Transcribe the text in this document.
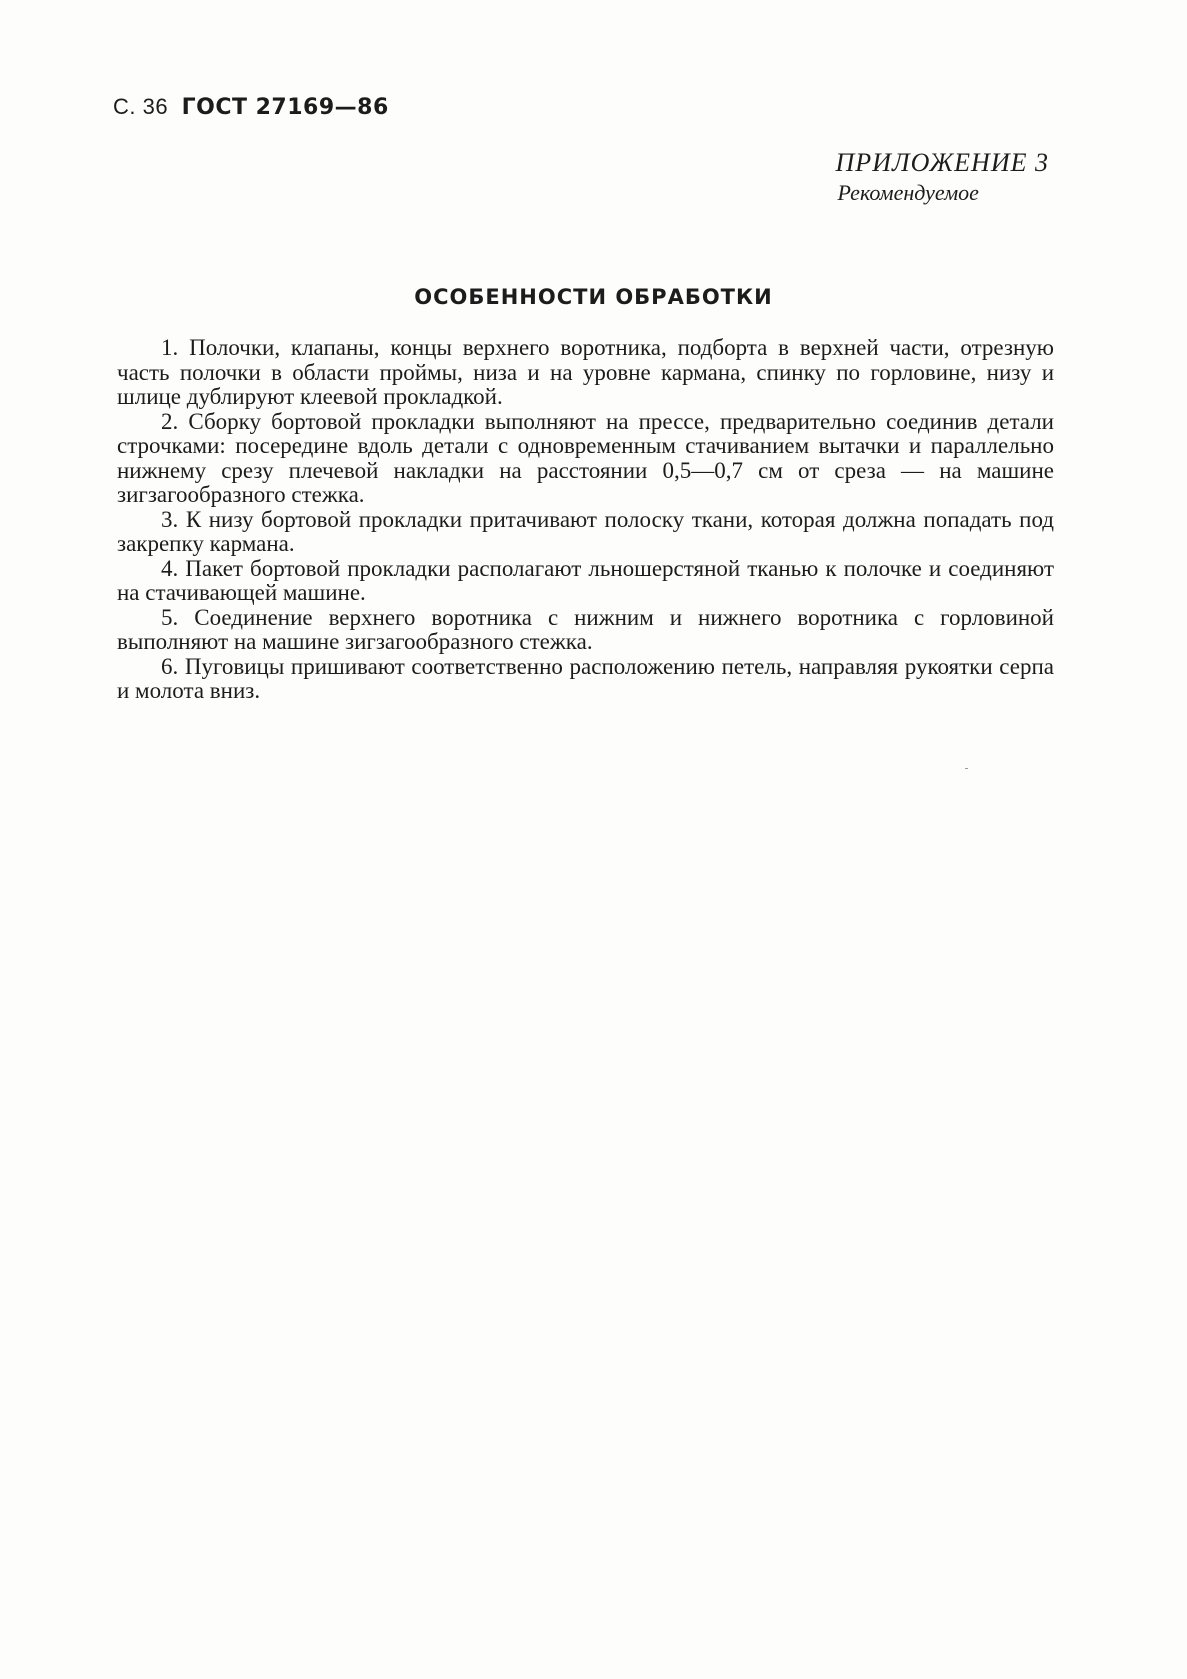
С. 36 ГОСТ 27169—86
ПРИЛОЖЕНИЕ 3
Рекомендуемое
ОСОБЕННОСТИ ОБРАБОТКИ

1. Полочки, клапаны, концы верхнего воротника, подборта в верхней части, отрезную часть полочки в области проймы, низа и на уровне кармана, спинку по горловине, низу и шлице дублируют клеевой прокладкой.

2. Сборку бортовой прокладки выполняют на прессе, предварительно соединив детали строчками: посередине вдоль детали с одновременным стачиванием вытачки и параллельно нижнему срезу плечевой накладки на расстоянии 0,5—0,7 см от среза — на машине зигзагообразного стежка.

3. К низу бортовой прокладки притачивают полоску ткани, которая должна попадать под закрепку кармана.

4. Пакет бортовой прокладки располагают льношерстяной тканью к полочке и соединяют на стачивающей машине.

5. Соединение верхнего воротника с нижним и нижнего воротника с горловиной выполняют на машине зигзагообразного стежка.

6. Пуговицы пришивают соответственно расположению петель, направляя рукоятки серпа и молота вниз.
